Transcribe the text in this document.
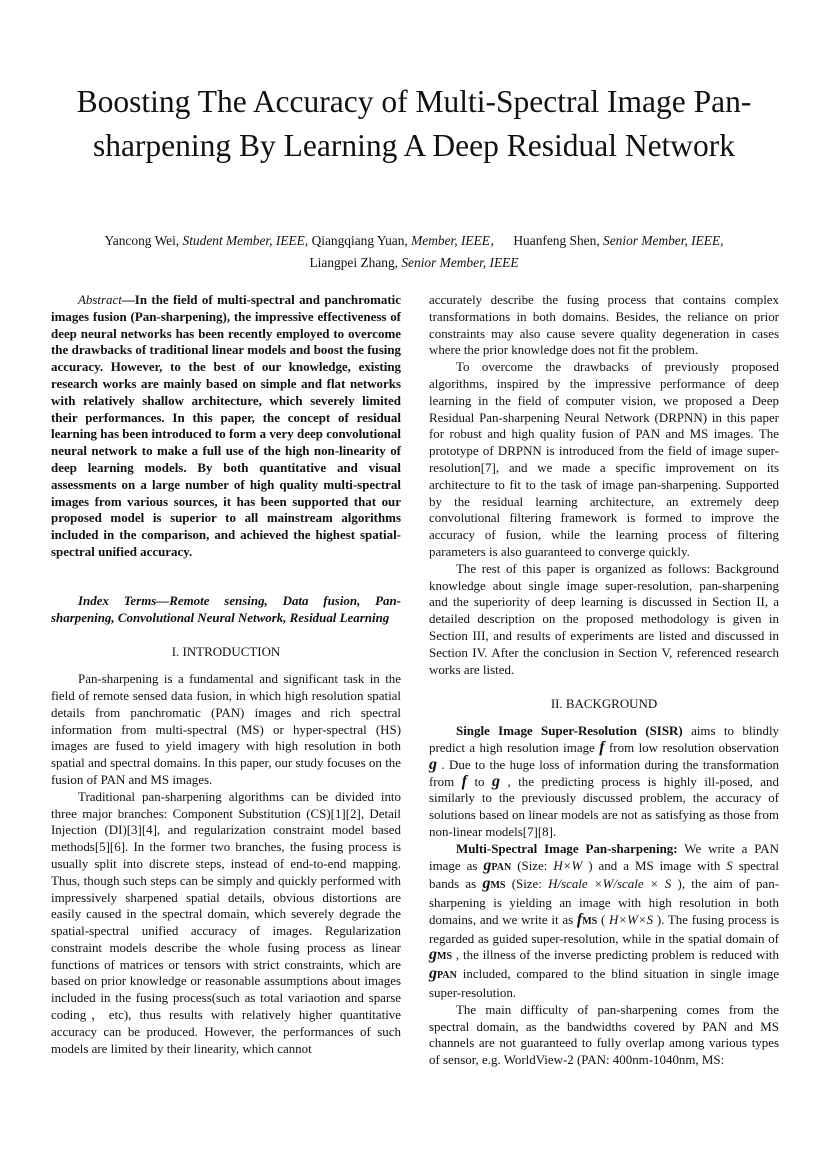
Boosting The Accuracy of Multi-Spectral Image Pan-sharpening By Learning A Deep Residual Network
Yancong Wei, Student Member, IEEE, Qiangqiang Yuan, Member, IEEE， Huanfeng Shen, Senior Member, IEEE,
Liangpei Zhang, Senior Member, IEEE

Abstract—In the field of multi-spectral and panchromatic images fusion (Pan-sharpening), the impressive effectiveness of deep neural networks has been recently employed to overcome the drawbacks of traditional linear models and boost the fusing accuracy. However, to the best of our knowledge, existing research works are mainly based on simple and flat networks with relatively shallow architecture, which severely limited their performances. In this paper, the concept of residual learning has been introduced to form a very deep convolutional neural network to make a full use of the high non-linearity of deep learning models. By both quantitative and visual assessments on a large number of high quality multi-spectral images from various sources, it has been supported that our proposed model is superior to all mainstream algorithms included in the comparison, and achieved the highest spatial-spectral unified accuracy.

Index Terms—Remote sensing, Data fusion, Pan-sharpening, Convolutional Neural Network, Residual Learning

I. INTRODUCTION

Pan-sharpening is a fundamental and significant task in the field of remote sensed data fusion, in which high resolution spatial details from panchromatic (PAN) images and rich spectral information from multi-spectral (MS) or hyper-spectral (HS) images are fused to yield imagery with high resolution in both spatial and spectral domains. In this paper, our study focuses on the fusion of PAN and MS images.

Traditional pan-sharpening algorithms can be divided into three major branches: Component Substitution (CS)[1][2], Detail Injection (DI)[3][4], and regularization constraint model based methods[5][6]. In the former two branches, the fusing process is usually split into discrete steps, instead of end-to-end mapping. Thus, though such steps can be simply and quickly performed with impressively sharpened spatial details, obvious distortions are easily caused in the spectral domain, which severely degrade the spatial-spectral unified accuracy of images. Regularization constraint models describe the whole fusing process as linear functions of matrices or tensors with strict constraints, which are based on prior knowledge or reasonable assumptions about images included in the fusing process(such as total variaotion and sparse coding，etc), thus results with relatively higher quantitative accuracy can be produced. However, the performances of such models are limited by their linearity, which cannot

accurately describe the fusing process that contains complex transformations in both domains. Besides, the reliance on prior constraints may also cause severe quality degeneration in cases where the prior knowledge does not fit the problem.

To overcome the drawbacks of previously proposed algorithms, inspired by the impressive performance of deep learning in the field of computer vision, we proposed a Deep Residual Pan-sharpening Neural Network (DRPNN) in this paper for robust and high quality fusion of PAN and MS images. The prototype of DRPNN is introduced from the field of image super-resolution[7], and we made a specific improvement on its architecture to fit to the task of image pan-sharpening. Supported by the residual learning architecture, an extremely deep convolutional filtering framework is formed to improve the accuracy of fusion, while the learning process of filtering parameters is also guaranteed to converge quickly.

The rest of this paper is organized as follows: Background knowledge about single image super-resolution, pan-sharpening and the superiority of deep learning is discussed in Section II, a detailed description on the proposed methodology is given in Section III, and results of experiments are listed and discussed in Section IV. After the conclusion in Section V, referenced research works are listed.

II. BACKGROUND

Single Image Super-Resolution (SISR) aims to blindly predict a high resolution image f from low resolution observation g . Due to the huge loss of information during the transformation from f to g , the predicting process is highly ill-posed, and similarly to the previously discussed problem, the accuracy of solutions based on linear models are not as satisfying as those from non-linear models[7][8].

Multi-Spectral Image Pan-sharpening: We write a PAN image as gPAN (Size: H×W ) and a MS image with S spectral bands as gMS (Size: H/scale ×W/scale × S ), the aim of pan-sharpening is yielding an image with high resolution in both domains, and we write it as fMS ( H×W×S ). The fusing process is regarded as guided super-resolution, while in the spatial domain of gMS , the illness of the inverse predicting problem is reduced with gPAN included, compared to the blind situation in single image super-resolution.

The main difficulty of pan-sharpening comes from the spectral domain, as the bandwidths covered by PAN and MS channels are not guaranteed to fully overlap among various types of sensor, e.g. WorldView-2 (PAN: 400nm-1040nm, MS:
